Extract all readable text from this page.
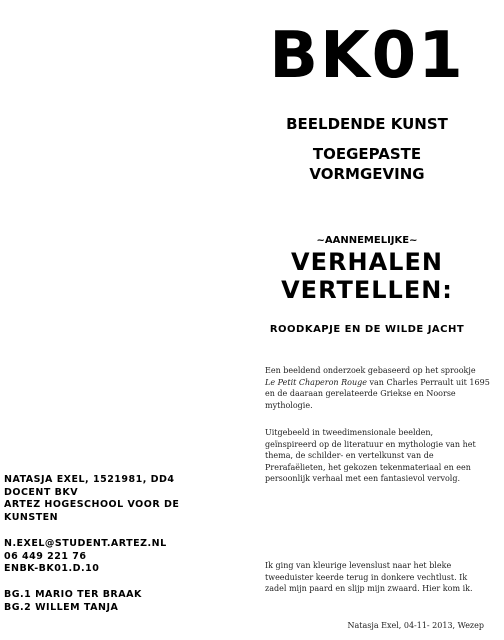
BK01
BEELDENDE KUNST
TOEGEPASTE
VORMGEVING
~AANNEMELIJKE~
VERHALEN
VERTELLEN:
ROODKAPJE EN DE WILDE JACHT
Een beeldend onderzoek gebaseerd op het sprookje
Le Petit Chaperon Rouge van Charles Perrault uit 1695
en de daaraan gerelateerde Griekse en Noorse
mythologie.
Uitgebeeld in tweedimensionale beelden,
geïnspireerd op de literatuur en mythologie van het
thema, de schilder- en vertelkunst van de
Prerafaëlieten, het gekozen tekenmateriaal en een
persoonlijk verhaal met een fantasievol vervolg.
Ik ging van kleurige levenslust naar het bleke
tweeduister keerde terug in donkere vechtlust. Ik
zadel mijn paard en slijp mijn zwaard. Hier kom ik.
NATASJA EXEL, 1521981, DD4
DOCENT BKV
ARTEZ HOGESCHOOL VOOR DE
KUNSTEN
N.EXEL@STUDENT.ARTEZ.NL
06 449 221 76
ENBK-BK01.D.10
BG.1 MARIO TER BRAAK
BG.2 WILLEM TANJA
Natasja Exel, 04-11- 2013, Wezep
